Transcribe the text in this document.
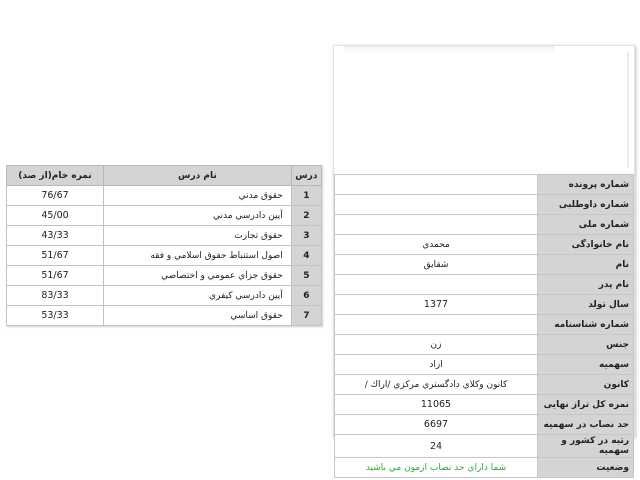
درس	نام درس	نمره خام(از صد)
1	حقوق مدني	76/67
2	آيين دادرسي مدني	45/00
3	حقوق تجارت	43/33
4	اصول استنباط حقوق اسلامي و فقه	51/67
5	حقوق جزاي عمومي و اختصاصي	51/67
6	آيين دادرسي كيفري	83/33
7	حقوق اساسي	53/33
شماره پرونده	
شماره داوطلبی	
شماره ملی	
نام خانوادگی	محمدي
نام	شقايق
نام پدر	
سال تولد	1377
شماره شناسنامه	
جنس	زن
سهميه	ازاد
کانون	كانون وكلاي دادگستري مركزي /اراك /
نمره کل تراز نهایی	11065
حد نصاب در سهمیه	6697
رتبه در کشور و سهمیه	24
وضعیت	شما داراي حد نصاب ازمون مي باشيد
